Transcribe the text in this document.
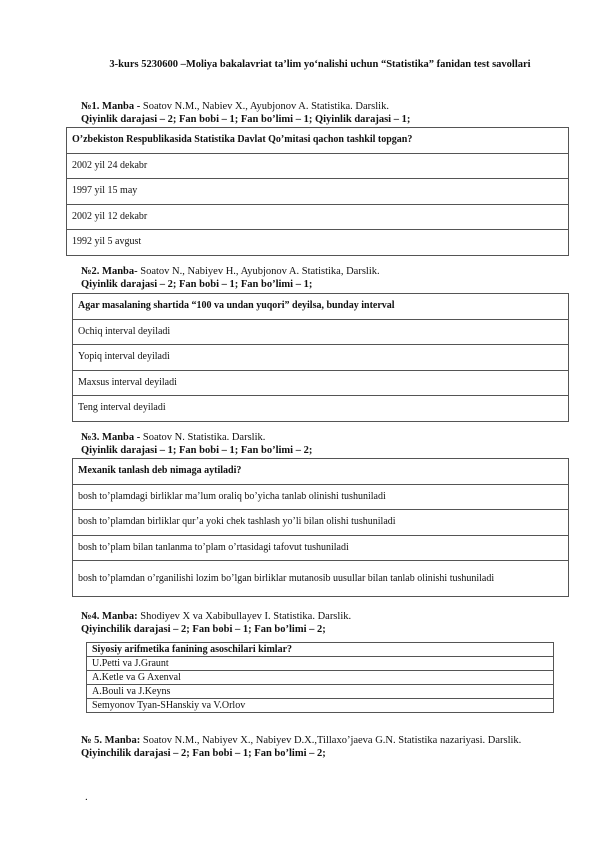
3-kurs 5230600 –Moliya bakalavriat ta’lim yo‘nalishi uchun “Statistika” fanidan test savollari
№1. Manba - Soatov N.M., Nabiev X., Ayubjonov A. Statistika. Darslik.
Qiyinlik darajasi – 2; Fan bobi – 1; Fan bo’limi – 1; Qiyinlik darajasi – 1;
O’zbekiston Respublikasida Statistika Davlat Qo’mitasi qachon tashkil topgan?
2002 yil 24 dekabr
1997 yil 15 may
2002 yil 12 dekabr
1992 yil 5 avgust
№2. Manba- Soatov N., Nabiyev H., Ayubjonov A. Statistika, Darslik.
Qiyinlik darajasi – 2; Fan bobi – 1; Fan bo’limi – 1;
Agar masalaning shartida “100 va undan yuqori” deyilsa, bunday interval
Ochiq interval deyiladi
Yopiq interval deyiladi
Maxsus interval deyiladi
Teng interval deyiladi
№3. Manba - Soatov N. Statistika. Darslik.
Qiyinlik darajasi – 1; Fan bobi – 1; Fan bo’limi – 2;
Mexanik tanlash deb nimaga aytiladi?
bosh to’plamdagi birliklar ma’lum oraliq bo’yicha tanlab olinishi tushuniladi
bosh to’plamdan birliklar qur’a yoki chek tashlash yo’li bilan olishi tushuniladi
bosh to’plam bilan tanlanma to’plam o’rtasidagi tafovut tushuniladi
bosh to’plamdan o’rganilishi lozim bo’lgan birliklar mutanosib uusullar bilan tanlab olinishi tushuniladi
№4. Manba: Shodiyev X va Xabibullayev I. Statistika. Darslik.
Qiyinchilik darajasi – 2; Fan bobi – 1; Fan bo’limi – 2;
Siyosiy arifmetika fanining asoschilari kimlar?
U.Petti va J.Graunt
A.Ketle va G Axenval
A.Bouli va J.Keyns
Semyonov Tyan-SHanskiy va V.Orlov
№ 5. Manba: Soatov N.M., Nabiyev X., Nabiyev D.X.,Tillaxo’jaeva G.N. Statistika nazariyasi. Darslik.
Qiyinchilik darajasi – 2; Fan bobi – 1; Fan bo’limi – 2;
.
